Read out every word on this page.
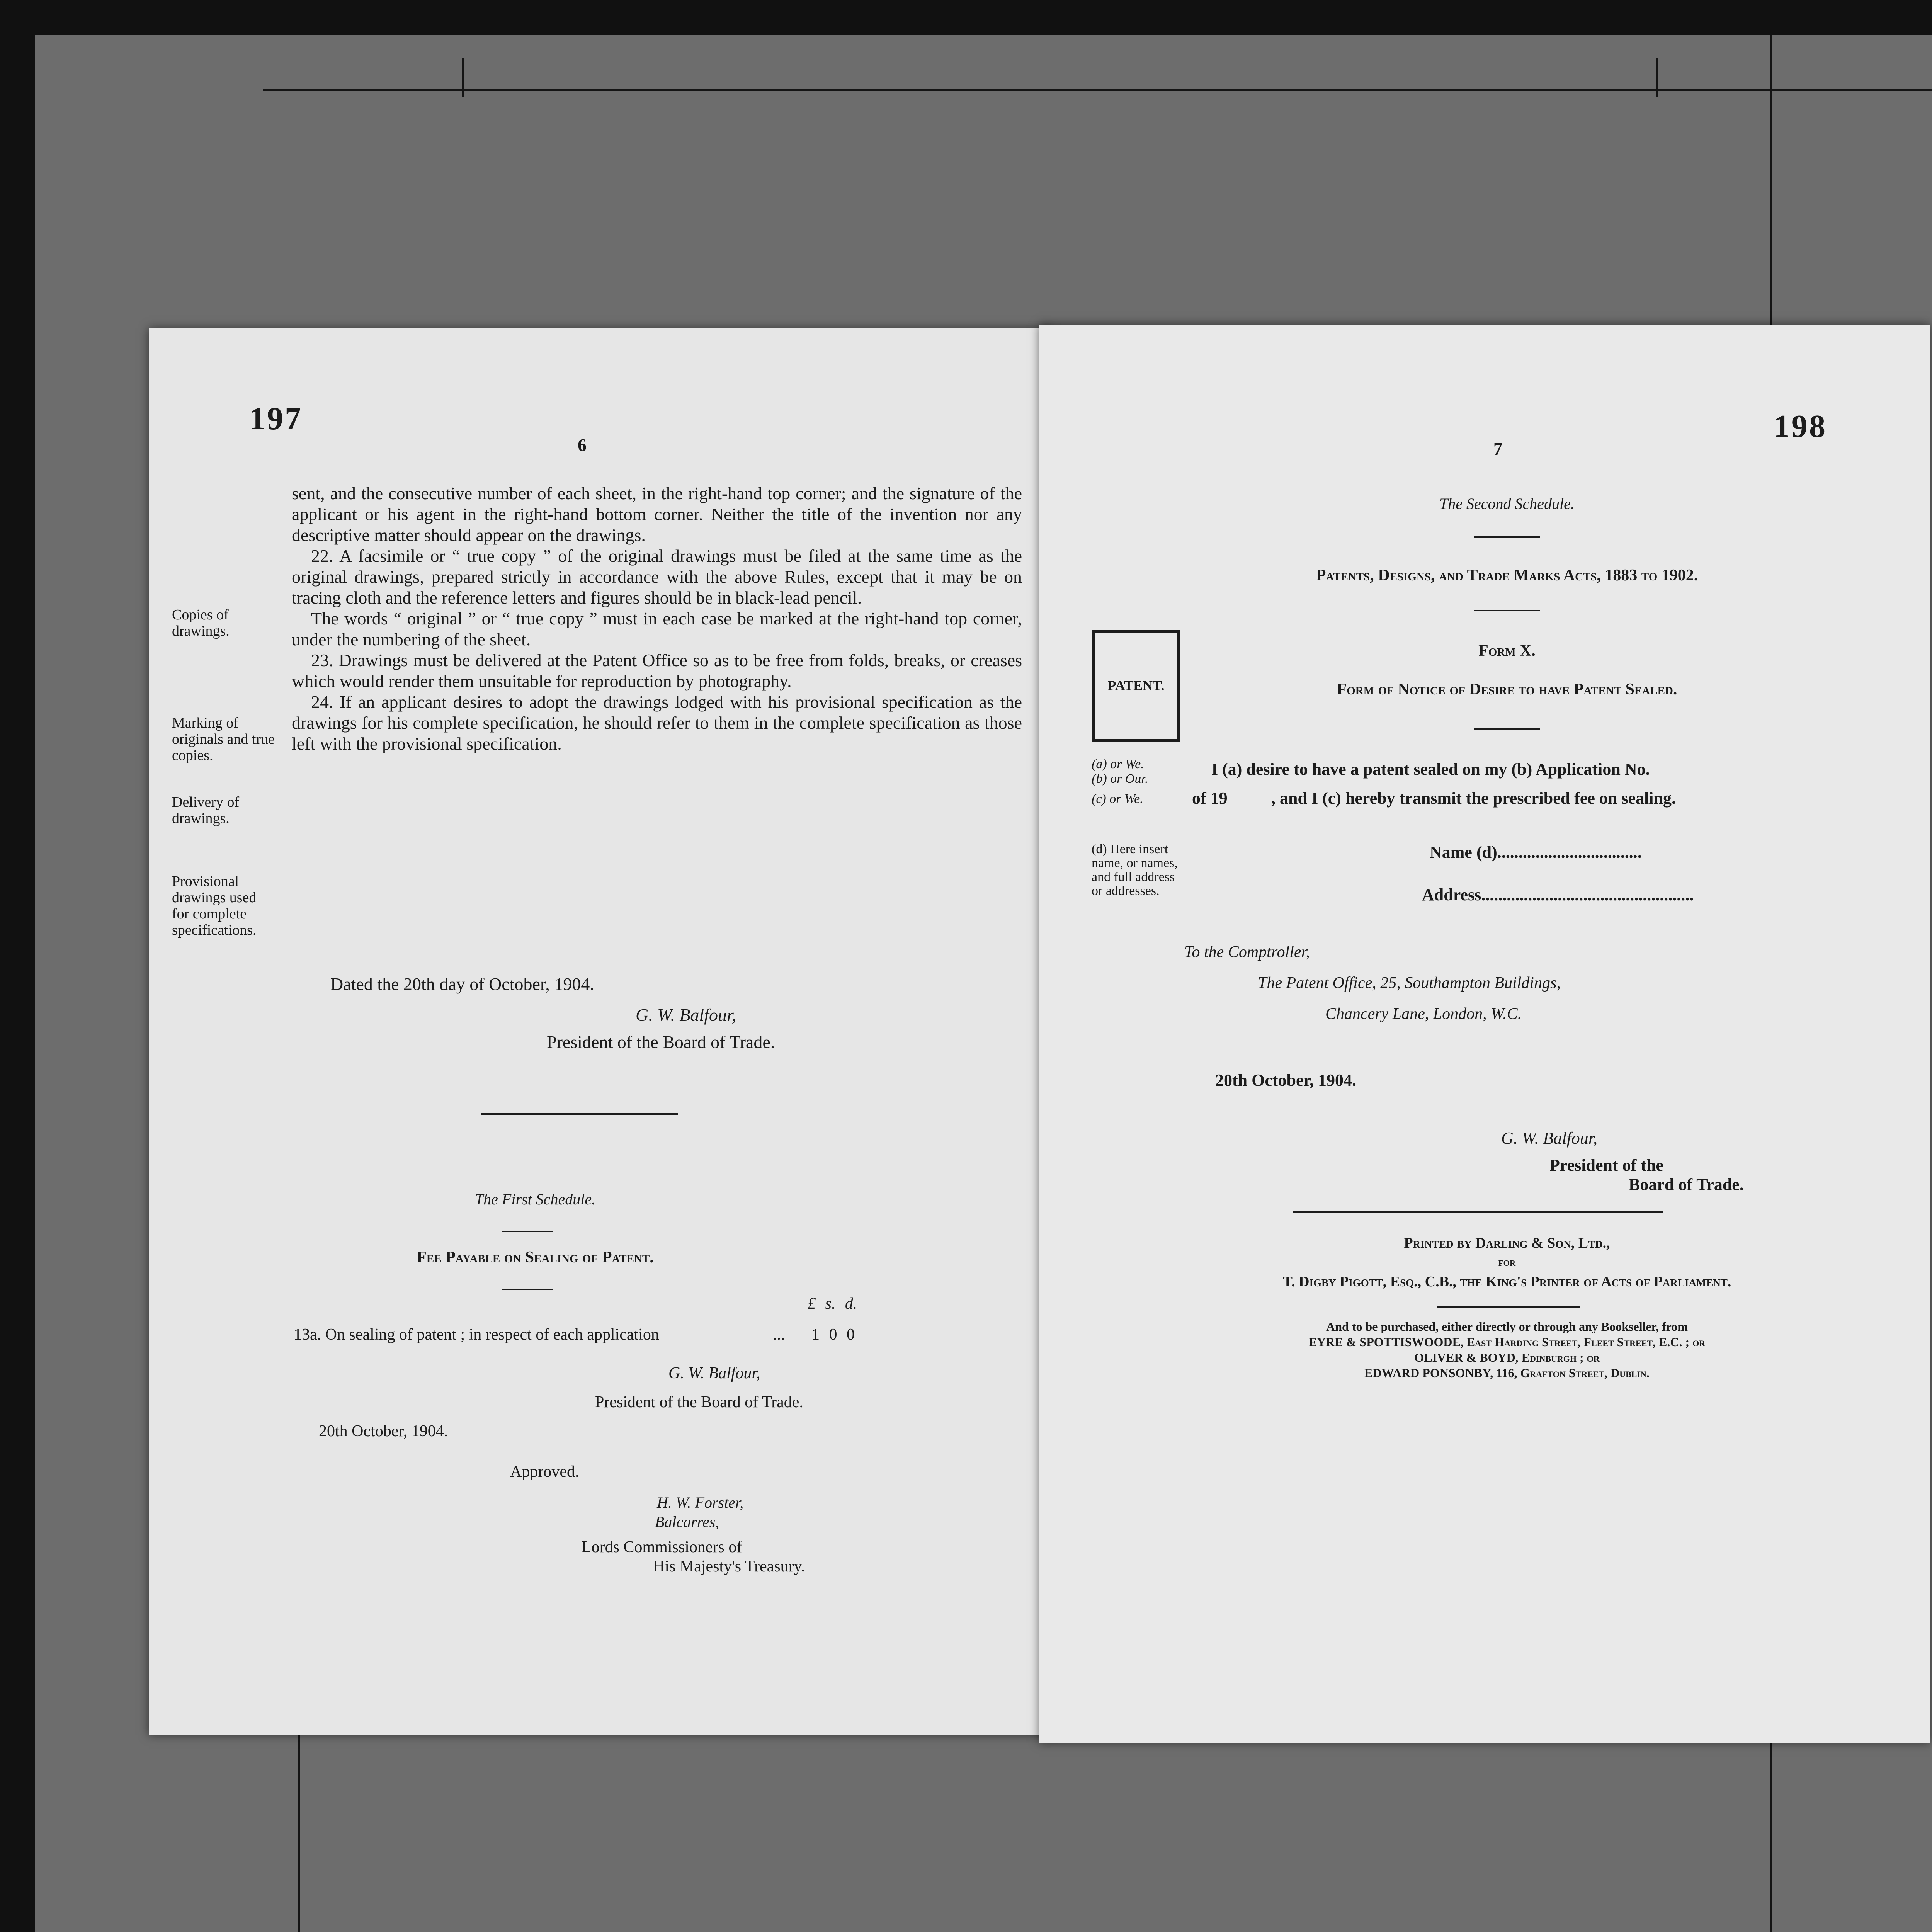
197
6

sent, and the consecutive number of each sheet, in the right-hand top corner; and the signature of the applicant or his agent in the right-hand bottom corner. Neither the title of the invention nor any descriptive matter should appear on the drawings.

22. A facsimile or “ true copy ” of the original drawings must be filed at the same time as the original drawings, prepared strictly in accordance with the above Rules, except that it may be on tracing cloth and the reference letters and figures should be in black-lead pencil.

The words “ original ” or “ true copy ” must in each case be marked at the right-hand top corner, under the numbering of the sheet.

23. Drawings must be delivered at the Patent Office so as to be free from folds, breaks, or creases which would render them unsuitable for reproduction by photography.

24. If an applicant desires to adopt the drawings lodged with his provisional specification as the drawings for his complete specification, he should refer to them in the complete specification as those left with the provisional specification.

Copies of drawings.
Marking of originals and true copies.
Delivery of drawings.
Provisional drawings used for complete specifications.
Dated the 20th day of October, 1904.
G. W. Balfour,
President of the Board of Trade.
The First Schedule.
Fee Payable on Sealing of Patent.
£ s. d.
13a. On sealing of patent ; in respect of each application	... 1 0 0
G. W. Balfour,
President of the Board of Trade.
20th October, 1904.
Approved.
H. W. Forster,
Balcarres,
Lords Commissioners of
His Majesty's Treasury.
198
7
The Second Schedule.
Patents, Designs, and Trade Marks Acts, 1883 to 1902.
Form X.
Form of Notice of Desire to have Patent Sealed.
PATENT.
(a) or We.
(b) or Our.
(c) or We.
I (a) desire to have a patent sealed on my (b) Application No.
of 19	, and I (c) hereby transmit the prescribed fee on sealing.
(d) Here insert name, or names, and full address or addresses.
Name (d)..................................
Address..................................................
To the Comptroller,
The Patent Office, 25, Southampton Buildings,
Chancery Lane, London, W.C.
20th October, 1904.
G. W. Balfour,
President of the
Board of Trade.
Printed by Darling & Son, Ltd.,
for
T. Digby Pigott, Esq., C.B., the King's Printer of Acts of Parliament.
And to be purchased, either directly or through any Bookseller, from
EYRE & SPOTTISWOODE, East Harding Street, Fleet Street, E.C. ; or
OLIVER & BOYD, Edinburgh ; or
EDWARD PONSONBY, 116, Grafton Street, Dublin.
